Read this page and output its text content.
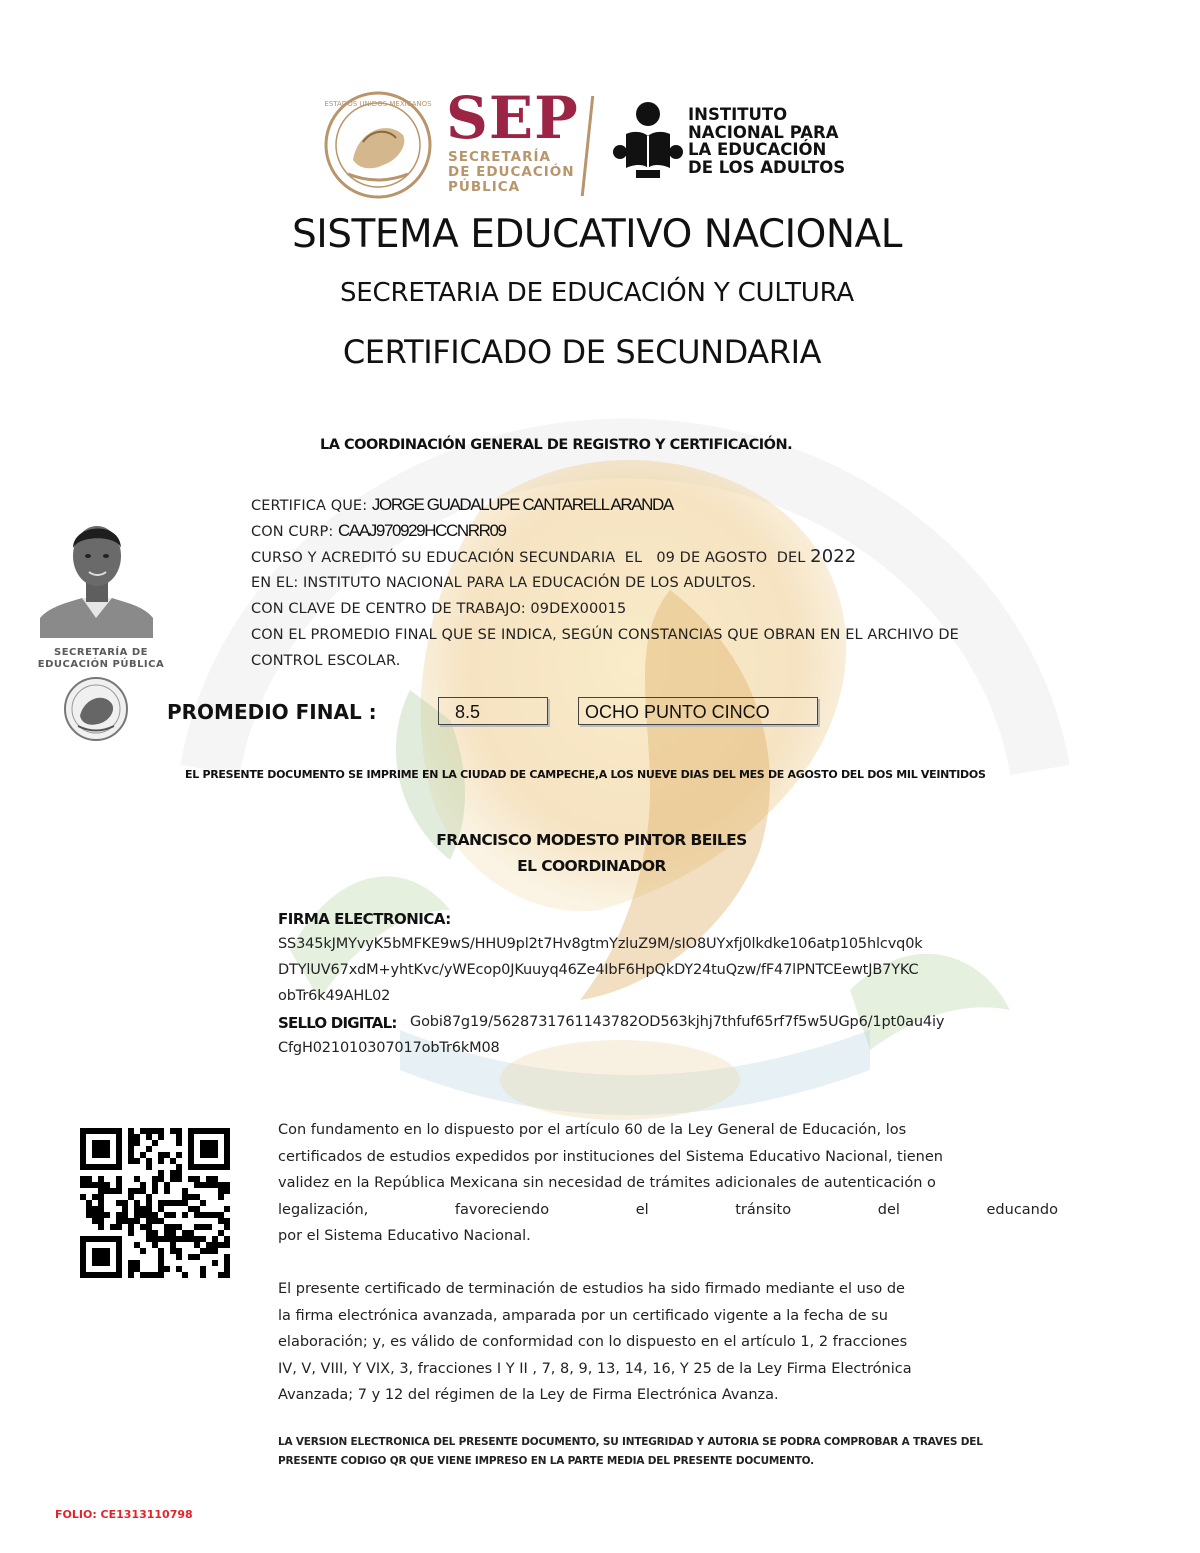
ESTADOS UNIDOS MEXICANOS SEP
SECRETARÍA
DE EDUCACIÓN
PÚBLICA
INSTITUTO
NACIONAL PARA
LA EDUCACIÓN
DE LOS ADULTOS
SISTEMA EDUCATIVO NACIONAL
SECRETARIA DE EDUCACIÓN Y CULTURA
CERTIFICADO DE SECUNDARIA
LA COORDINACIÓN GENERAL DE REGISTRO Y CERTIFICACIÓN.
SECRETARÍA DE
EDUCACIÓN PÚBLICA
CERTIFICA QUE: JORGE GUADALUPE CANTARELL ARANDA
CON CURP: CAAJ970929HCCNRR09
CURSO Y ACREDITÓ SU EDUCACIÓN SECUNDARIA  EL   09 DE AGOSTO  DEL 2022
EN EL: INSTITUTO NACIONAL PARA LA EDUCACIÓN DE LOS ADULTOS.
CON CLAVE DE CENTRO DE TRABAJO: 09DEX00015
CON EL PROMEDIO FINAL QUE SE INDICA, SEGÚN CONSTANCIAS QUE OBRAN EN EL ARCHIVO DE
CONTROL ESCOLAR.
PROMEDIO FINAL :	8.5	OCHO PUNTO CINCO
EL PRESENTE DOCUMENTO SE IMPRIME EN LA CIUDAD DE CAMPECHE,A LOS NUEVE DIAS DEL MES DE AGOSTO DEL DOS MIL VEINTIDOS
FRANCISCO MODESTO PINTOR BEILES
EL COORDINADOR
FIRMA ELECTRONICA:
SS345kJMYvyK5bMFKE9wS/HHU9pl2t7Hv8gtmYzluZ9M/sIO8UYxfj0lkdke106atp105hlcvq0k
DTYlUV67xdM+yhtKvc/yWEcop0JKuuyq46Ze4IbF6HpQkDY24tuQzw/fF47lPNTCEewtJB7YKC
obTr6k49AHL02
SELLO DIGITAL: Gobi87g19/5628731761143782OD563kjhj7thfuf65rf7f5w5UGp6/1pt0au4iy
CfgH021010307017obTr6kM08
Con fundamento en lo dispuesto por el artículo 60 de la Ley General de Educación, los
certificados de estudios expedidos por instituciones del Sistema Educativo Nacional, tienen
validez en la República Mexicana sin necesidad de trámites adicionales de autenticación o
legalización,	favoreciendo	el	tránsito	del	educando
por el Sistema Educativo Nacional.
El presente certificado de terminación de estudios ha sido firmado mediante el uso de
la firma electrónica avanzada, amparada por un certificado vigente a la fecha de su
elaboración; y, es válido de conformidad con lo dispuesto en el artículo 1, 2 fracciones
IV, V, VIII, Y VIX, 3, fracciones I Y II , 7, 8, 9, 13, 14, 16, Y 25 de la Ley Firma Electrónica
Avanzada; 7 y 12 del régimen de la Ley de Firma Electrónica Avanza.
LA VERSION ELECTRONICA DEL PRESENTE DOCUMENTO, SU INTEGRIDAD Y AUTORIA SE PODRA COMPROBAR A TRAVES DEL
PRESENTE CODIGO QR QUE VIENE IMPRESO EN LA PARTE MEDIA DEL PRESENTE DOCUMENTO.
FOLIO: CE1313110798
